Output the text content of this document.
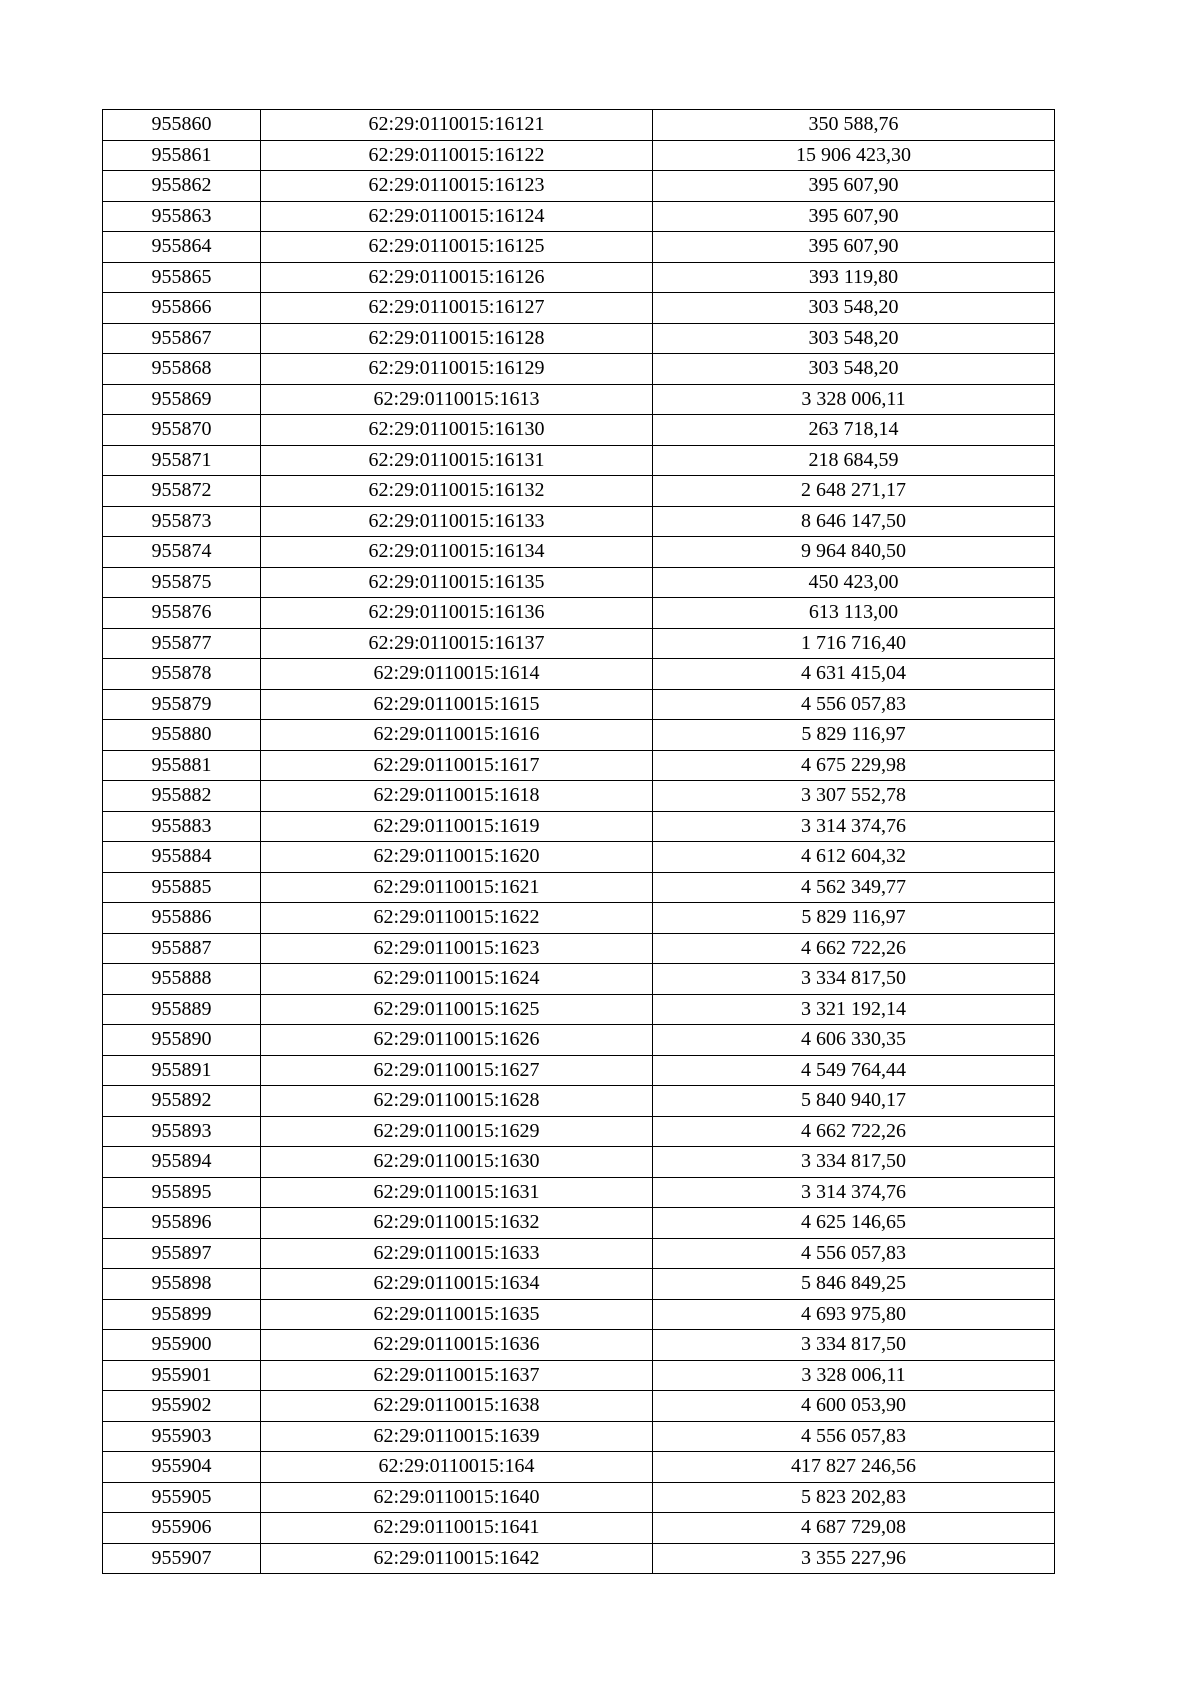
955860	62:29:0110015:16121	350 588,76
955861	62:29:0110015:16122	15 906 423,30
955862	62:29:0110015:16123	395 607,90
955863	62:29:0110015:16124	395 607,90
955864	62:29:0110015:16125	395 607,90
955865	62:29:0110015:16126	393 119,80
955866	62:29:0110015:16127	303 548,20
955867	62:29:0110015:16128	303 548,20
955868	62:29:0110015:16129	303 548,20
955869	62:29:0110015:1613	3 328 006,11
955870	62:29:0110015:16130	263 718,14
955871	62:29:0110015:16131	218 684,59
955872	62:29:0110015:16132	2 648 271,17
955873	62:29:0110015:16133	8 646 147,50
955874	62:29:0110015:16134	9 964 840,50
955875	62:29:0110015:16135	450 423,00
955876	62:29:0110015:16136	613 113,00
955877	62:29:0110015:16137	1 716 716,40
955878	62:29:0110015:1614	4 631 415,04
955879	62:29:0110015:1615	4 556 057,83
955880	62:29:0110015:1616	5 829 116,97
955881	62:29:0110015:1617	4 675 229,98
955882	62:29:0110015:1618	3 307 552,78
955883	62:29:0110015:1619	3 314 374,76
955884	62:29:0110015:1620	4 612 604,32
955885	62:29:0110015:1621	4 562 349,77
955886	62:29:0110015:1622	5 829 116,97
955887	62:29:0110015:1623	4 662 722,26
955888	62:29:0110015:1624	3 334 817,50
955889	62:29:0110015:1625	3 321 192,14
955890	62:29:0110015:1626	4 606 330,35
955891	62:29:0110015:1627	4 549 764,44
955892	62:29:0110015:1628	5 840 940,17
955893	62:29:0110015:1629	4 662 722,26
955894	62:29:0110015:1630	3 334 817,50
955895	62:29:0110015:1631	3 314 374,76
955896	62:29:0110015:1632	4 625 146,65
955897	62:29:0110015:1633	4 556 057,83
955898	62:29:0110015:1634	5 846 849,25
955899	62:29:0110015:1635	4 693 975,80
955900	62:29:0110015:1636	3 334 817,50
955901	62:29:0110015:1637	3 328 006,11
955902	62:29:0110015:1638	4 600 053,90
955903	62:29:0110015:1639	4 556 057,83
955904	62:29:0110015:164	417 827 246,56
955905	62:29:0110015:1640	5 823 202,83
955906	62:29:0110015:1641	4 687 729,08
955907	62:29:0110015:1642	3 355 227,96
